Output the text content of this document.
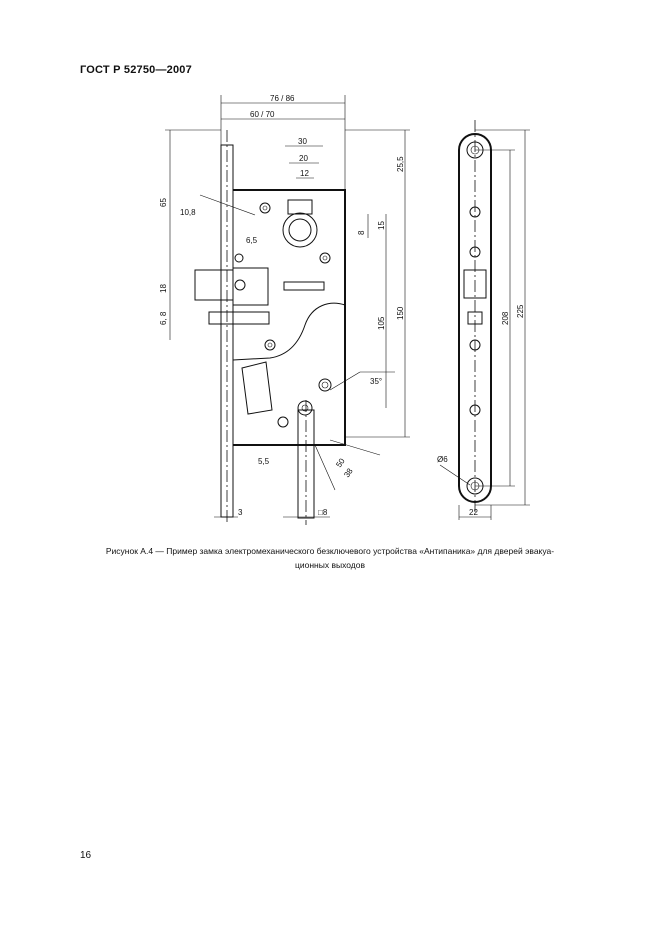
ГОСТ Р 52750—2007
76 / 86
60 / 70
30
20
12
25,5
65
10,8
8
15
6,5
18
6, 8	105
150
35°
5,5	50
38
3	□8
208
225
Ø6
22
Рисунок А.4 — Пример замка электромеханического безключевого устройства «Антипаника» для дверей эвакуа-
ционных выходов
16
